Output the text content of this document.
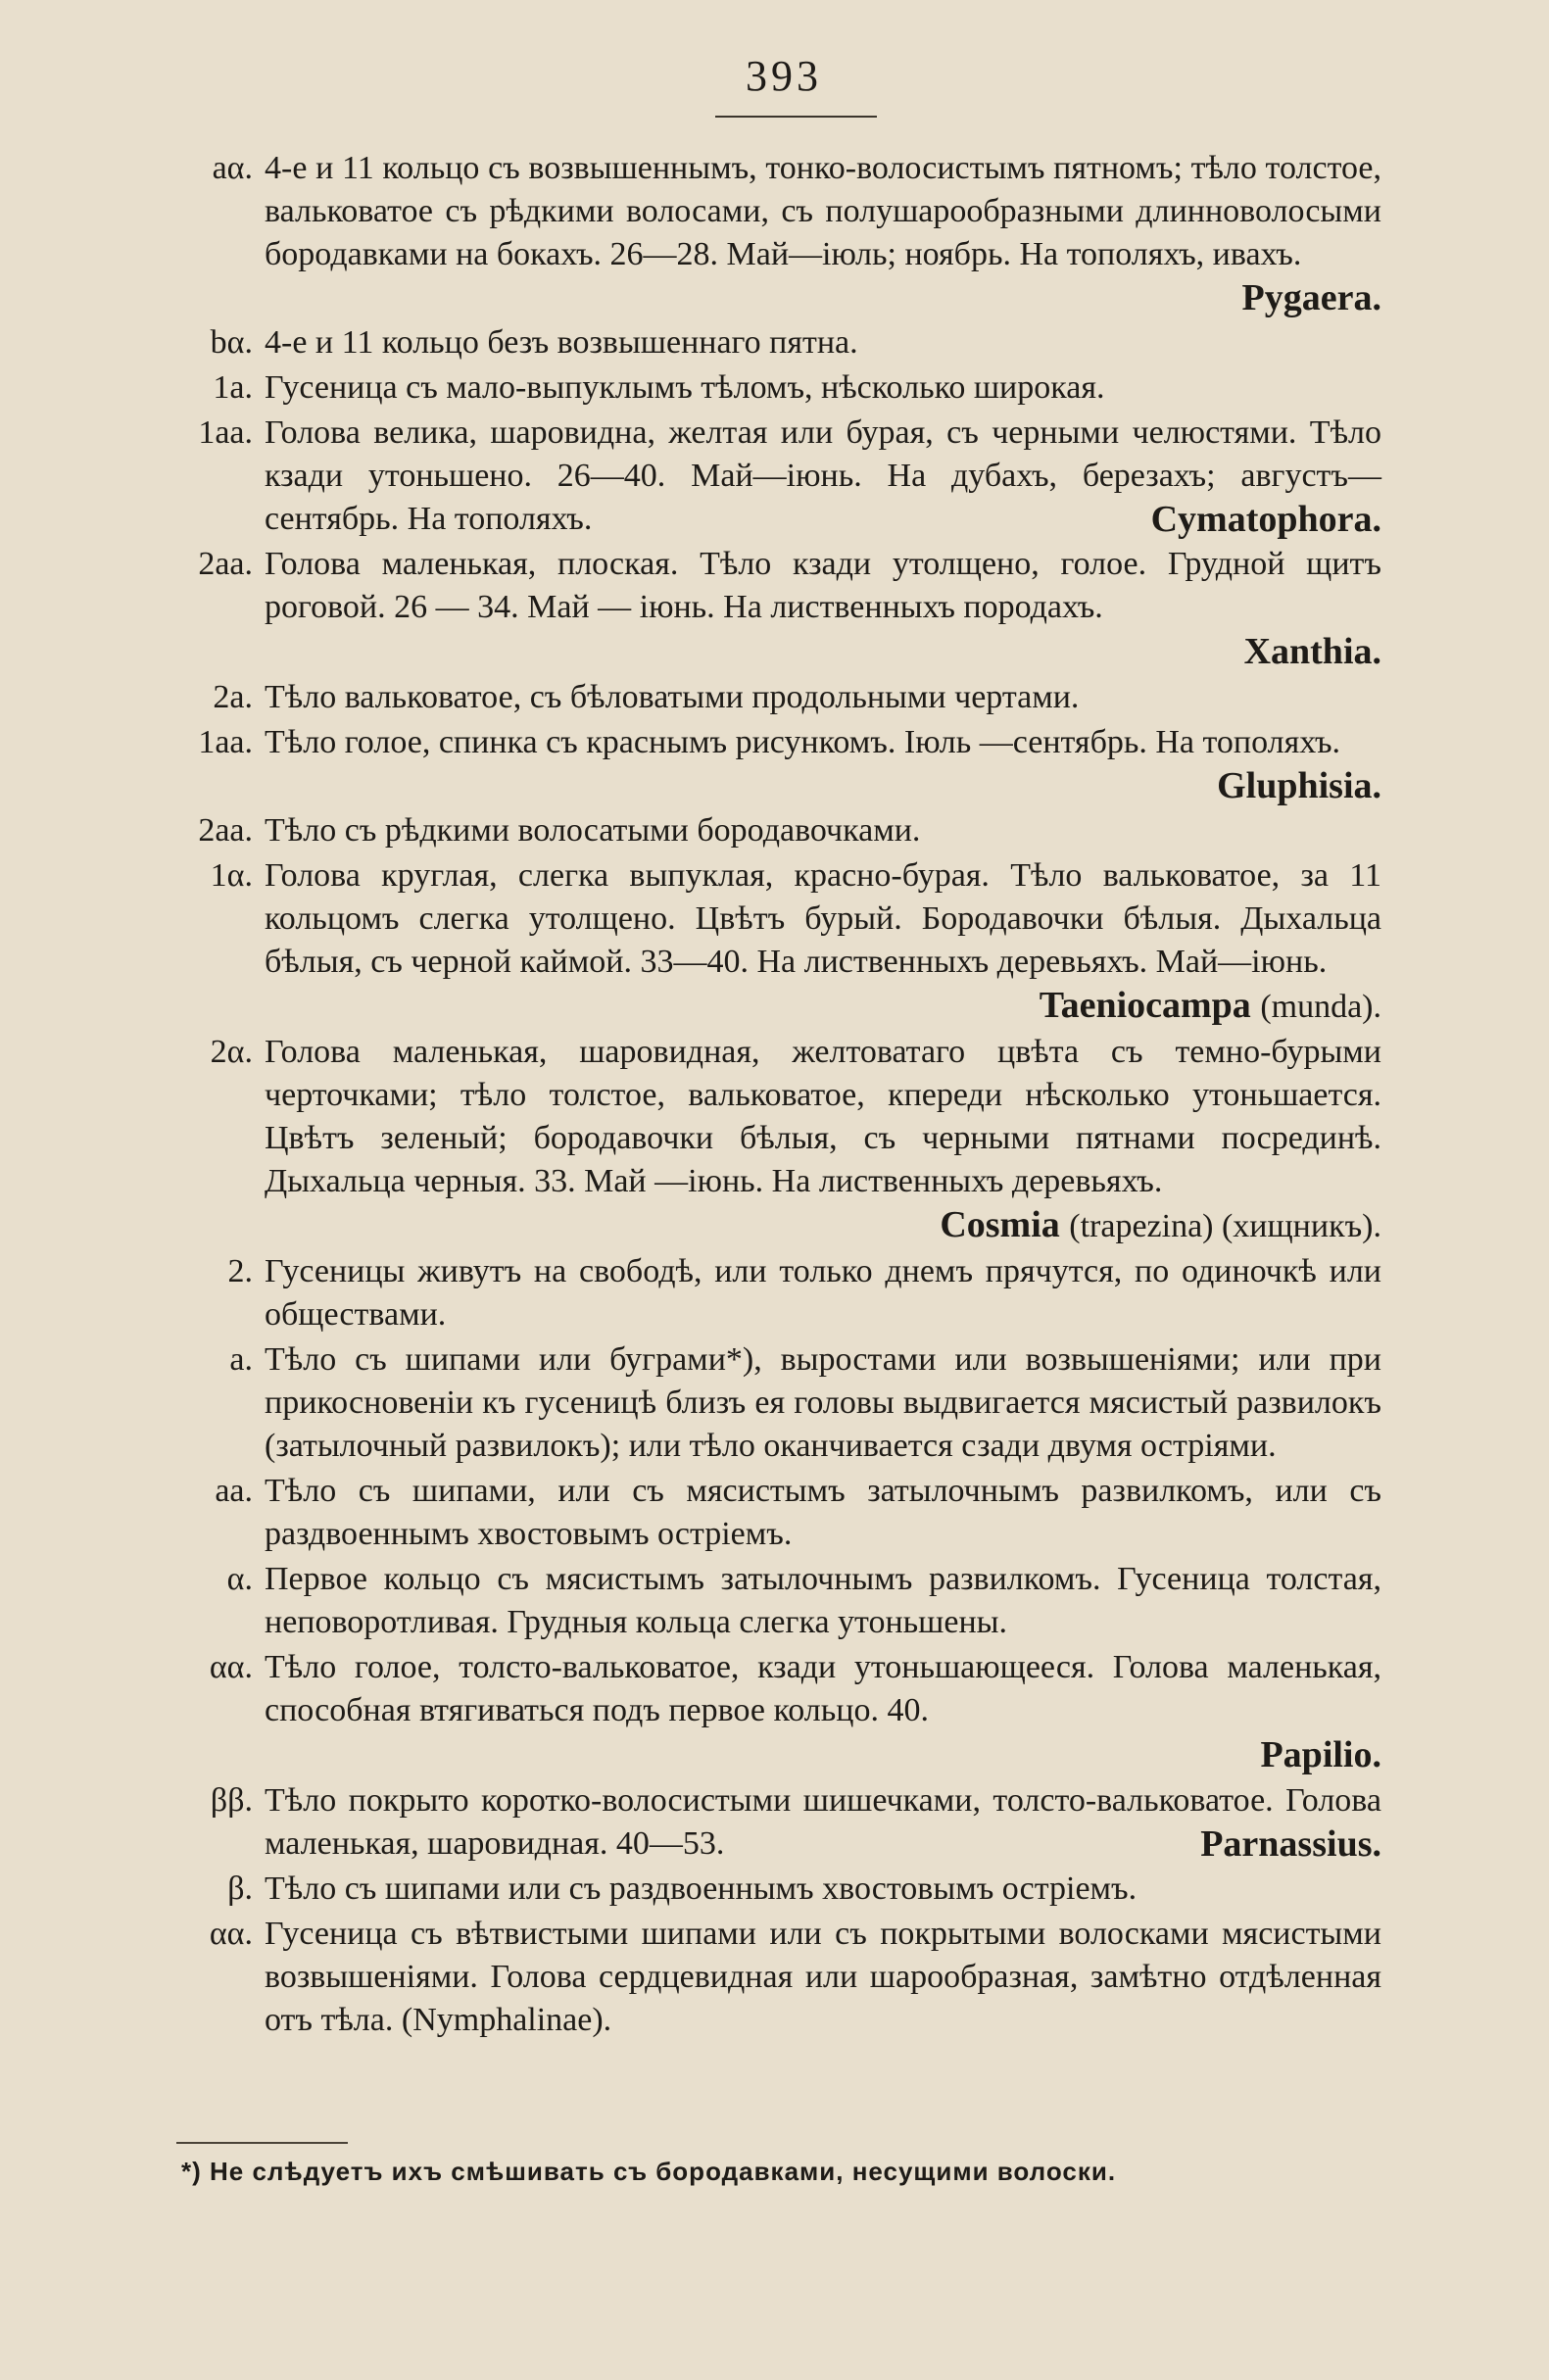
393
aα. 4-е и 11 кольцо съ возвышеннымъ, тонко-волосистымъ пятномъ; тѣло толстое, вальковатое съ рѣдкими волосами, съ полушарообразными длинноволосыми бородавками на бокахъ. 26—28. Май—іюль; ноябрь. На тополяхъ, ивахъ.
Pygaera.
bα. 4-е и 11 кольцо безъ возвышеннаго пятна.
1a. Гусеница съ мало-выпуклымъ тѣломъ, нѣсколько широкая.
1aa. Голова велика, шаровидна, желтая или бурая, съ черными челюстями. Тѣло кзади утоньшено. 26—40. Май—іюнь. На дубахъ, березахъ; августъ—сентябрь. На тополяхъ.	Cymatophora.
2aa. Голова маленькая, плоская. Тѣло кзади утолщено, голое. Грудной щитъ роговой. 26 — 34. Май — іюнь. На лиственныхъ породахъ.
Xanthia.
2a. Тѣло вальковатое, съ бѣловатыми продольными чертами.
1aa. Тѣло голое, спинка съ краснымъ рисункомъ. Іюль —сентябрь. На тополяхъ.
Gluphisia.
2aa. Тѣло съ рѣдкими волосатыми бородавочками.
1α. Голова круглая, слегка выпуклая, красно-бурая. Тѣло вальковатое, за 11 кольцомъ слегка утолщено. Цвѣтъ бурый. Бородавочки бѣлыя. Дыхальца бѣлыя, съ черной каймой. 33—40. На лиственныхъ деревьяхъ. Май—іюнь.
Taeniocampa (munda).
2α. Голова маленькая, шаровидная, желтоватаго цвѣта съ темно-бурыми черточками; тѣло толстое, вальковатое, кпереди нѣсколько утоньшается. Цвѣтъ зеленый; бородавочки бѣлыя, съ черными пятнами посрединѣ. Дыхальца черныя. 33. Май —іюнь. На лиственныхъ деревьяхъ.
Cosmia (trapezina) (хищникъ).
2. Гусеницы живутъ на свободѣ, или только днемъ прячутся, по одиночкѣ или обществами.
a. Тѣло съ шипами или буграми*), выростами или возвышеніями; или при прикосновеніи къ гусеницѣ близъ ея головы выдвигается мясистый развилокъ (затылочный развилокъ); или тѣло оканчивается сзади двумя остріями.
aa. Тѣло съ шипами, или съ мясистымъ затылочнымъ развилкомъ, или съ раздвоеннымъ хвостовымъ остріемъ.
α. Первое кольцо съ мясистымъ затылочнымъ развилкомъ. Гусеница толстая, неповоротливая. Грудныя кольца слегка утоньшены.
αα. Тѣло голое, толсто-вальковатое, кзади утоньшающееся. Голова маленькая, способная втягиваться подъ первое кольцо. 40.
Papilio.
ββ. Тѣло покрыто коротко-волосистыми шишечками, толсто-вальковатое. Голова маленькая, шаровидная. 40—53.	Parnassius.
β. Тѣло съ шипами или съ раздвоеннымъ хвостовымъ остріемъ.
αα. Гусеница съ вѣтвистыми шипами или съ покрытыми волосками мясистыми возвышеніями. Голова сердцевидная или шарообразная, замѣтно отдѣленная отъ тѣла. (Nymphalinae).
*) Не слѣдуетъ ихъ смѣшивать съ бородавками, несущими волоски.
